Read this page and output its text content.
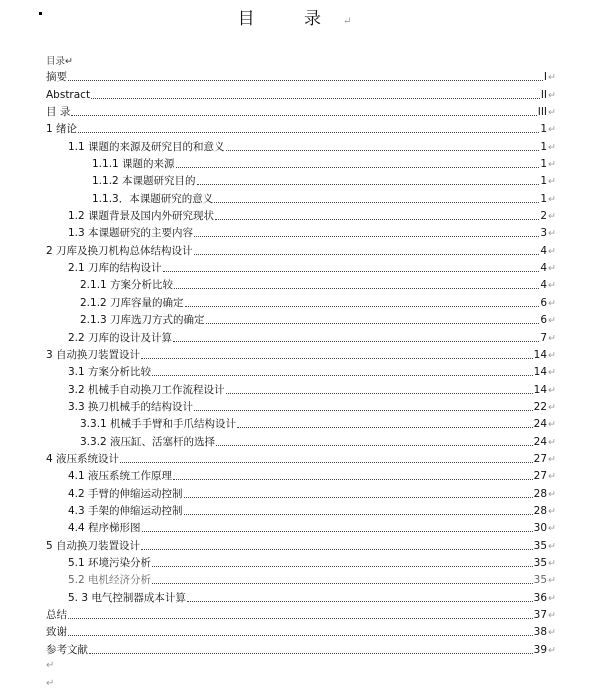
目 录↵
目录↵
摘要	I ↵
Abstract	II ↵
目 录	III ↵
1 绪论	1 ↵
1.1 课题的来源及研究目的和意义	1 ↵
1.1.1 课题的来源	1 ↵
1.1.2 本课题研究目的	1 ↵
1.1.3．本课题研究的意义	1 ↵
1.2 课题背景及国内外研究现状	2 ↵
1.3 本课题研究的主要内容	3 ↵
2 刀库及换刀机构总体结构设计	4 ↵
2.1 刀库的结构设计	4 ↵
2.1.1 方案分析比较	4 ↵
2.1.2 刀库容量的确定	6 ↵
2.1.3 刀库选刀方式的确定	6 ↵
2.2 刀库的设计及计算	7 ↵
3 自动换刀装置设计	14 ↵
3.1 方案分析比较	14 ↵
3.2 机械手自动换刀工作流程设计	14 ↵
3.3 换刀机械手的结构设计	22 ↵
3.3.1 机械手手臂和手爪结构设计	24 ↵
3.3.2 液压缸、活塞杆的选择	24 ↵
4 液压系统设计	27 ↵
4.1 液压系统工作原理	27 ↵
4.2 手臂的伸缩运动控制	28 ↵
4.3 手架的伸缩运动控制	28 ↵
4.4 程序梯形图	30 ↵
5 自动换刀装置设计	35 ↵
5.1 环境污染分析	35 ↵
5.2 电机经济分析	35 ↵
5. 3 电气控制器成本计算	36 ↵
总结	37 ↵
致谢	38 ↵
参考文献	39 ↵
↵
↵
